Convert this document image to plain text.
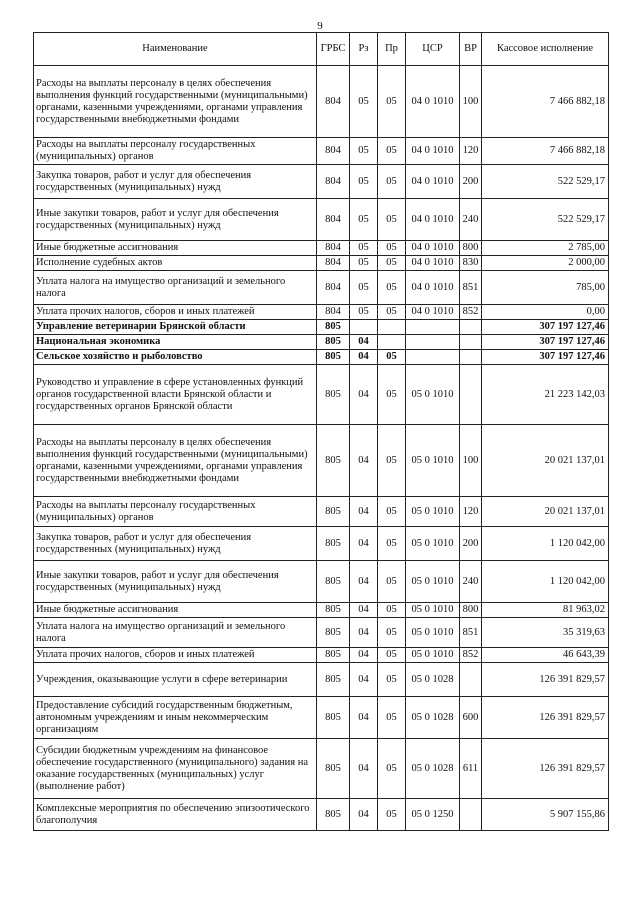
9
Наименование	ГРБС	Рз	Пр	ЦСР	ВР	Кассовое исполнение
Расходы на выплаты персоналу в целях обеспечения выполнения функций государственными (муниципальными) органами, казенными учреждениями, органами управления государственными внебюджетными фондами	804	05	05	04 0 1010	100	7 466 882,18
Расходы на выплаты персоналу государственных (муниципальных) органов	804	05	05	04 0 1010	120	7 466 882,18
Закупка товаров, работ и услуг для обеспечения государственных (муниципальных) нужд	804	05	05	04 0 1010	200	522 529,17
Иные закупки товаров, работ и услуг для обеспечения государственных (муниципальных) нужд	804	05	05	04 0 1010	240	522 529,17
Иные бюджетные ассигнования	804	05	05	04 0 1010	800	2 785,00
Исполнение судебных актов	804	05	05	04 0 1010	830	2 000,00
Уплата налога на имущество организаций и земельного налога	804	05	05	04 0 1010	851	785,00
Уплата прочих налогов, сборов и иных платежей	804	05	05	04 0 1010	852	0,00
Управление ветеринарии Брянской области	805					307 197 127,46
Национальная экономика	805	04				307 197 127,46
Сельское хозяйство и рыболовство	805	04	05			307 197 127,46
Руководство и управление в сфере установленных функций органов государственной власти Брянской области и государственных органов Брянской области	805	04	05	05 0 1010		21 223 142,03
Расходы на выплаты персоналу в целях обеспечения выполнения функций государственными (муниципальными) органами, казенными учреждениями, органами управления государственными внебюджетными фондами	805	04	05	05 0 1010	100	20 021 137,01
Расходы на выплаты персоналу государственных (муниципальных) органов	805	04	05	05 0 1010	120	20 021 137,01
Закупка товаров, работ и услуг для обеспечения государственных (муниципальных) нужд	805	04	05	05 0 1010	200	1 120 042,00
Иные закупки товаров, работ и услуг для обеспечения государственных (муниципальных) нужд	805	04	05	05 0 1010	240	1 120 042,00
Иные бюджетные ассигнования	805	04	05	05 0 1010	800	81 963,02
Уплата налога на имущество организаций и земельного налога	805	04	05	05 0 1010	851	35 319,63
Уплата прочих налогов, сборов и иных платежей	805	04	05	05 0 1010	852	46 643,39
Учреждения, оказывающие услуги в сфере ветеринарии	805	04	05	05 0 1028		126 391 829,57
Предоставление субсидий государственным бюджетным, автономным учреждениям и иным некоммерческим организациям	805	04	05	05 0 1028	600	126 391 829,57
Субсидии бюджетным учреждениям на финансовое обеспечение государственного (муниципального) задания на оказание государственных (муниципальных) услуг (выполнение работ)	805	04	05	05 0 1028	611	126 391 829,57
Комплексные мероприятия по обеспечению эпизоотического благополучия	805	04	05	05 0 1250		5 907 155,86
